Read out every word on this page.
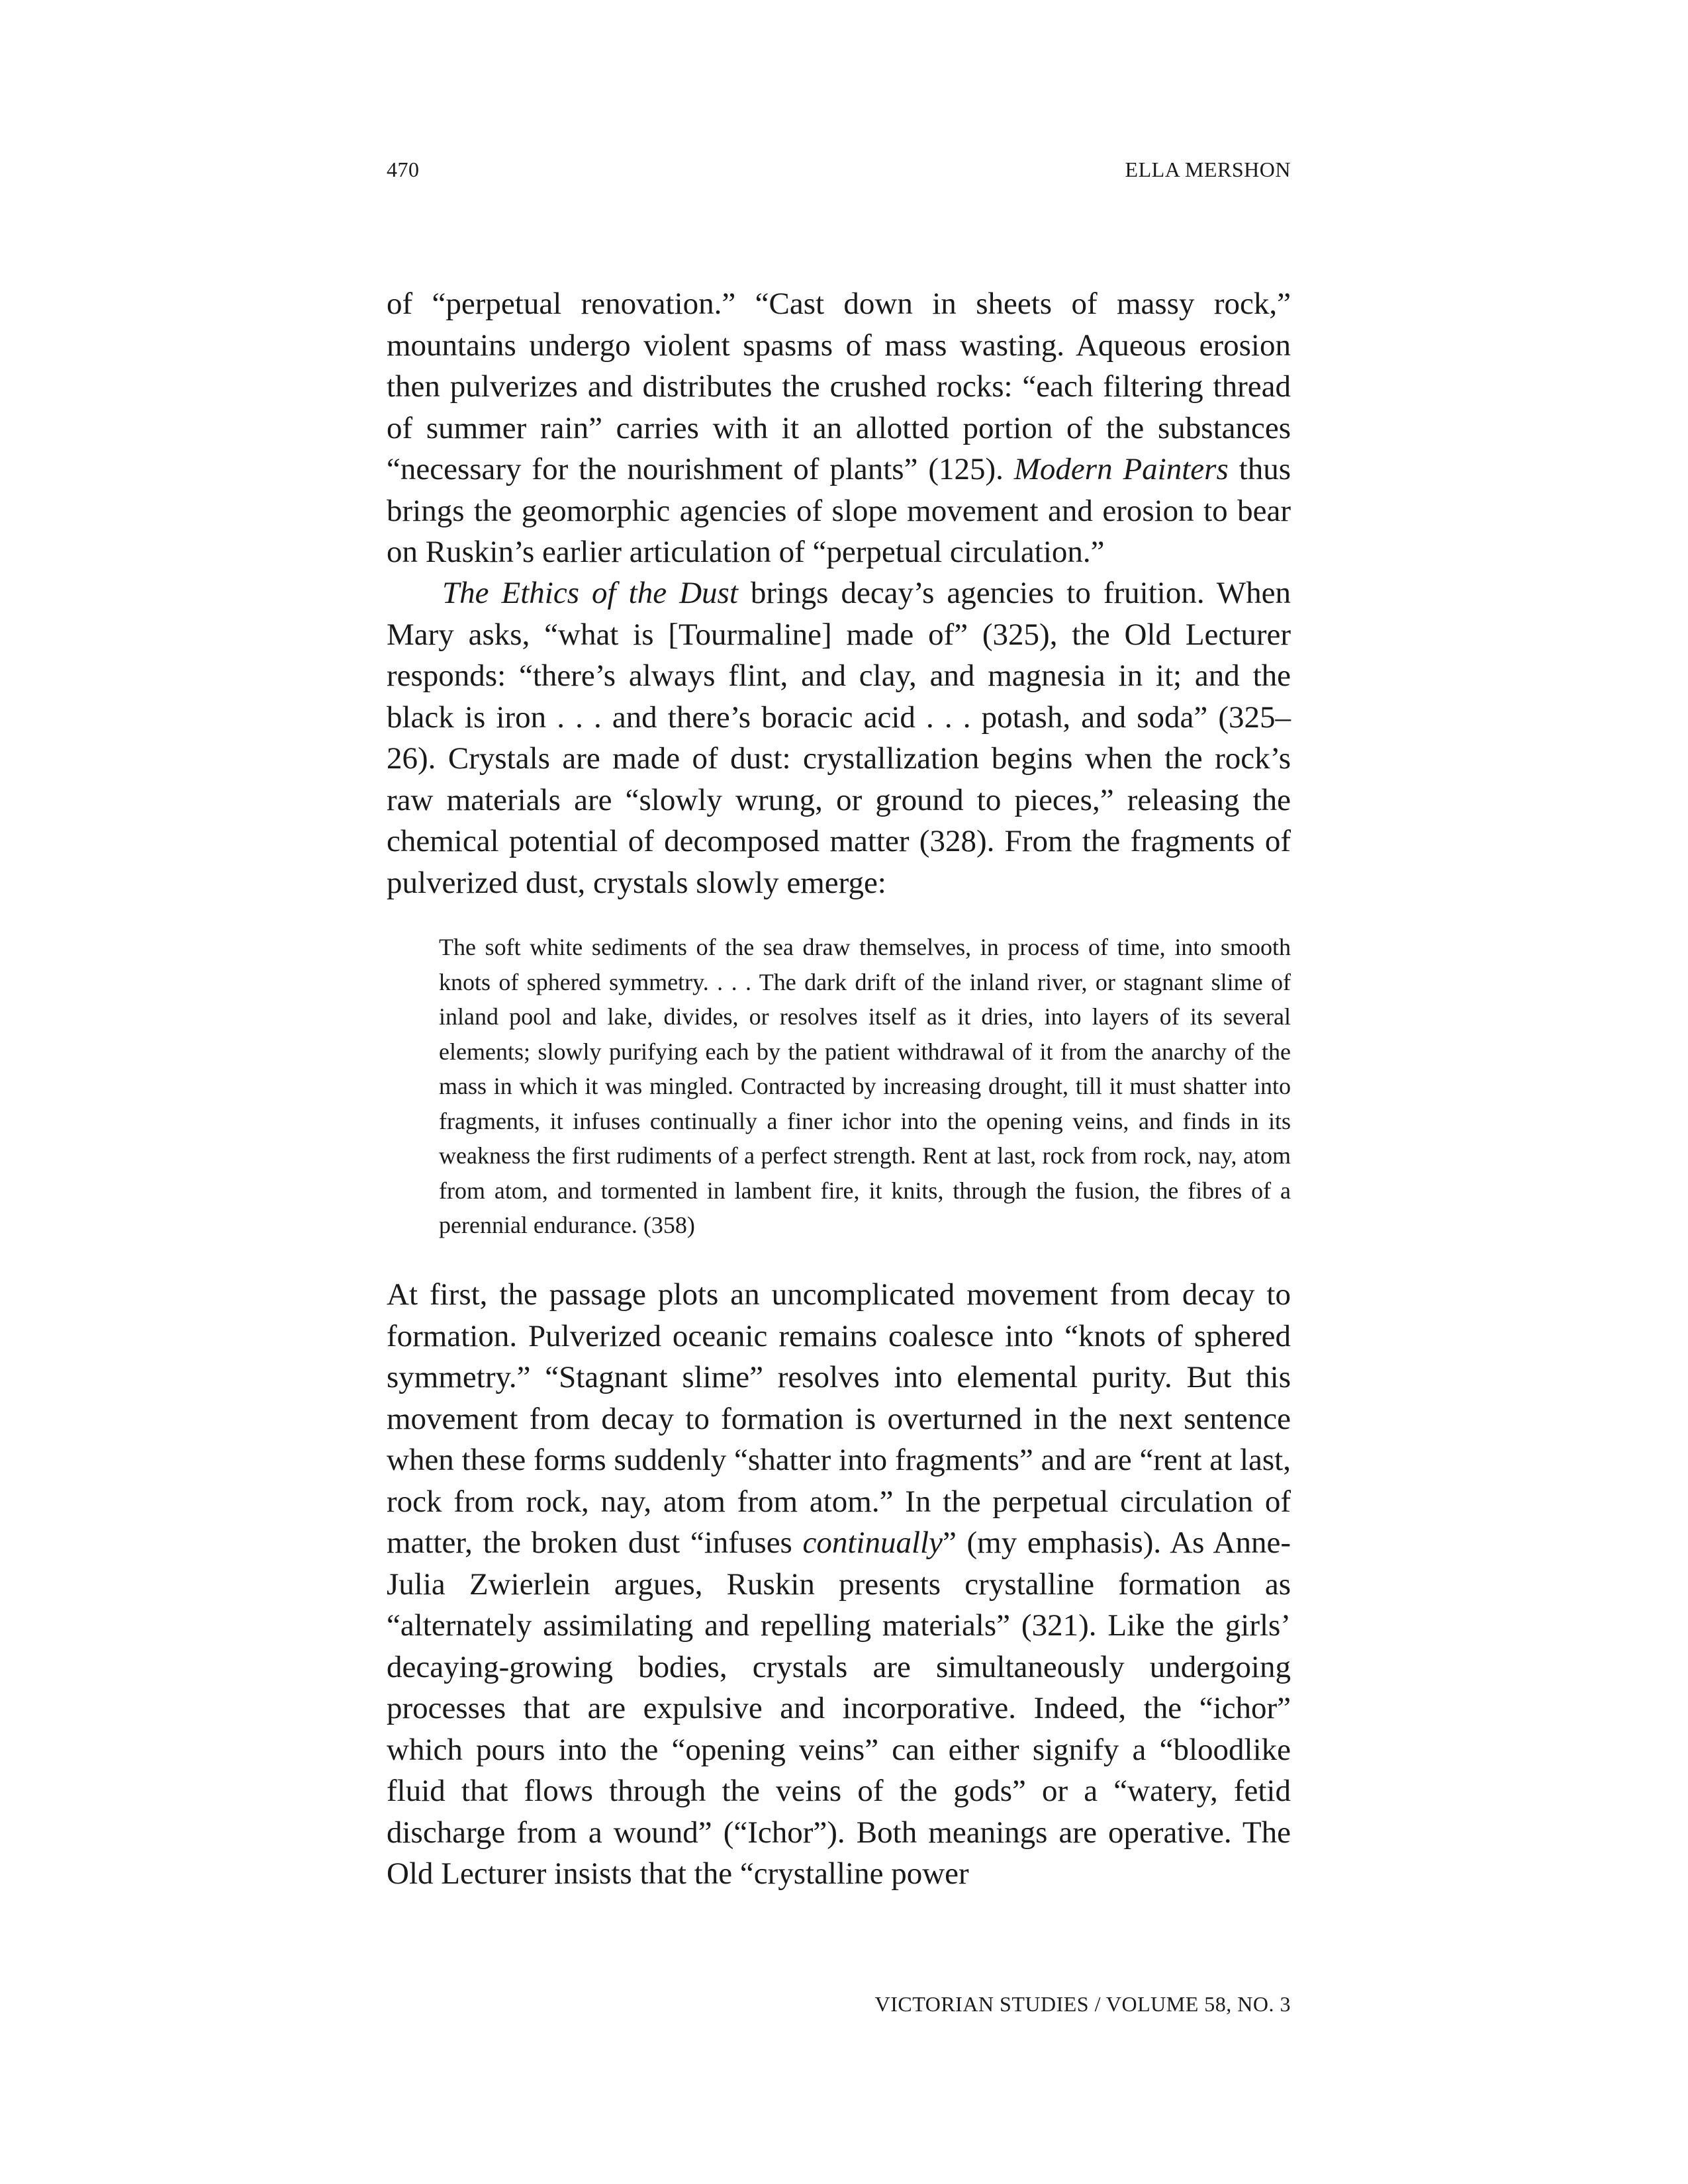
470	ELLA MERSHON

of “perpetual renovation.” “Cast down in sheets of massy rock,” mountains undergo violent spasms of mass wasting. Aqueous erosion then pulverizes and distributes the crushed rocks: “each filtering thread of summer rain” carries with it an allotted portion of the substances “necessary for the nourishment of plants” (125). Modern Painters thus brings the geomorphic agencies of slope movement and erosion to bear on Ruskin’s earlier articulation of “perpetual circulation.”

The Ethics of the Dust brings decay’s agencies to fruition. When Mary asks, “what is [Tourmaline] made of” (325), the Old Lecturer responds: “there’s always flint, and clay, and magnesia in it; and the black is iron . . . and there’s boracic acid . . . potash, and soda” (325–26). Crystals are made of dust: crystallization begins when the rock’s raw materials are “slowly wrung, or ground to pieces,” releasing the chemical potential of decomposed matter (328). From the fragments of pulverized dust, crystals slowly emerge:

The soft white sediments of the sea draw themselves, in process of time, into smooth knots of sphered symmetry. . . . The dark drift of the inland river, or stagnant slime of inland pool and lake, divides, or resolves itself as it dries, into layers of its several elements; slowly purifying each by the patient withdrawal of it from the anarchy of the mass in which it was mingled. Contracted by increasing drought, till it must shatter into fragments, it infuses continually a finer ichor into the opening veins, and finds in its weakness the first rudiments of a perfect strength. Rent at last, rock from rock, nay, atom from atom, and tormented in lambent fire, it knits, through the fusion, the fibres of a perennial endurance. (358)

At first, the passage plots an uncomplicated movement from decay to formation. Pulverized oceanic remains coalesce into “knots of sphered symmetry.” “Stagnant slime” resolves into elemental purity. But this movement from decay to formation is overturned in the next sentence when these forms suddenly “shatter into fragments” and are “rent at last, rock from rock, nay, atom from atom.” In the perpetual circulation of matter, the broken dust “infuses continually” (my emphasis). As Anne-Julia Zwierlein argues, Ruskin presents crystalline formation as “alternately assimilating and repelling materials” (321). Like the girls’ decaying-growing bodies, crystals are simultaneously undergoing processes that are expulsive and incorporative. Indeed, the “ichor” which pours into the “opening veins” can either signify a “bloodlike fluid that flows through the veins of the gods” or a “watery, fetid discharge from a wound” (“Ichor”). Both meanings are operative. The Old Lecturer insists that the “crystalline power

VICTORIAN STUDIES / VOLUME 58, NO. 3
